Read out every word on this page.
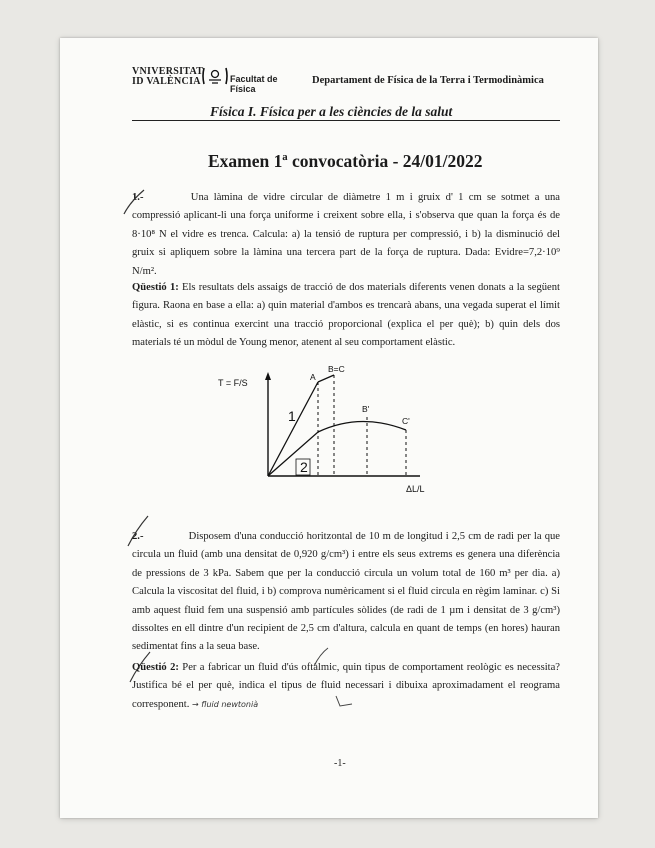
VNIVERSITAT
ID VALÈNCIA	Facultat de Física
Departament de Física de la Terra i Termodinàmica
Física I. Física per a les ciències de la salut
Examen 1ª convocatòria - 24/01/2022
1.-	Una làmina de vidre circular de diàmetre 1 m i gruix d' 1 cm se sotmet a una compressió aplicant-li una força uniforme i creixent sobre ella, i s'observa que quan la força és de 8·10⁸ N el vidre es trenca. Calcula: a) la tensió de ruptura per compressió, i b) la disminució del gruix si apliquem sobre la làmina una tercera part de la força de ruptura. Dada: Evidre=7,2·10⁹ N/m².
Qüestió 1: Els resultats dels assaigs de tracció de dos materials diferents venen donats a la següent figura. Raona en base a ella: a) quin material d'ambos es trencarà abans, una vegada superat el límit elàstic, si es continua exercint una tracció proporcional (explica el per què); b) quin dels dos materials té un mòdul de Young menor, atenent al seu comportament elàstic.
T = F/S
ΔL/L
A
B=C
B'
C'
1
2
2.-	Disposem d'una conducció horitzontal de 10 m de longitud i 2,5 cm de radi per la que circula un fluid (amb una densitat de 0,920 g/cm³) i entre els seus extrems es genera una diferència de pressions de 3 kPa. Sabem que per la conducció circula un volum total de 160 m³ per dia. a) Calcula la viscositat del fluid, i b) comprova numèricament si el fluid circula en règim laminar. c) Si amb aquest fluid fem una suspensió amb partícules sòlides (de radi de 1 µm i densitat de 3 g/cm³) dissoltes en ell dintre d'un recipient de 2,5 cm d'altura, calcula en quant de temps (en hores) hauran sedimentat fins a la seua base.
Qüestió 2: Per a fabricar un fluid d'ús oftàlmic, quin tipus de comportament reològic es necessita? Justifica bé el per què, indica el tipus de fluid necessari i dibuixa aproximadament el reograma corresponent. → fluid newtonià
-1-
